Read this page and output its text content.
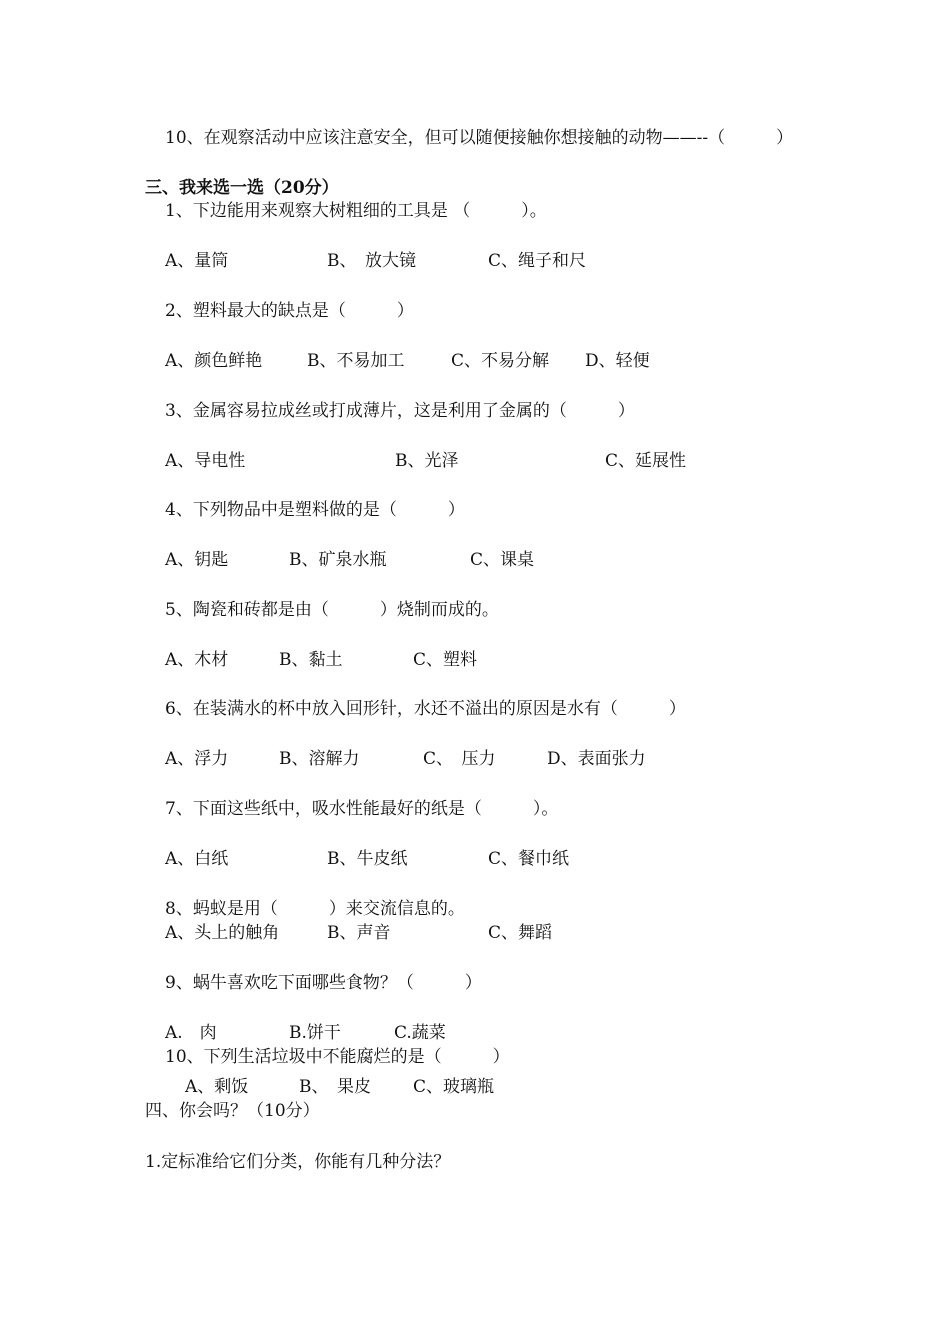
10、在观察活动中应该注意安全，但可以随便接触你想接触的动物——--（　　　）
三、我来选一选（20分）
1、下边能用来观察大树粗细的工具是 （　　　）。
A、量筒	B、　放大镜	C、绳子和尺
2、塑料最大的缺点是（　　　）
A、颜色鲜艳	B、不易加工	C、不易分解 D、轻便
3、金属容易拉成丝或打成薄片，这是利用了金属的（　　　）
A、导电性	B、光泽	C、延展性
4、下列物品中是塑料做的是（　　　）
A、钥匙	B、矿泉水瓶	C、课桌
5、陶瓷和砖都是由（　　　）烧制而成的。
A、木材	B、黏土	C、塑料
6、在装满水的杯中放入回形针，水还不溢出的原因是水有（　　　）
A、浮力	B、溶解力	C、　压力	D、表面张力
7、下面这些纸中，吸水性能最好的纸是（　　　）。
A、白纸	B、牛皮纸	C、餐巾纸
8、蚂蚁是用（　　　）来交流信息的。
A、头上的触角	B、声音	C、舞蹈
9、蜗牛喜欢吃下面哪些食物？（　　　）
A.　肉	B.饼干	C.蔬菜
10、下列生活垃圾中不能腐烂的是（　　　）
A、剩饭	B、　果皮 C、玻璃瓶
四、你会吗？（10分）
1.定标准给它们分类，你能有几种分法？
